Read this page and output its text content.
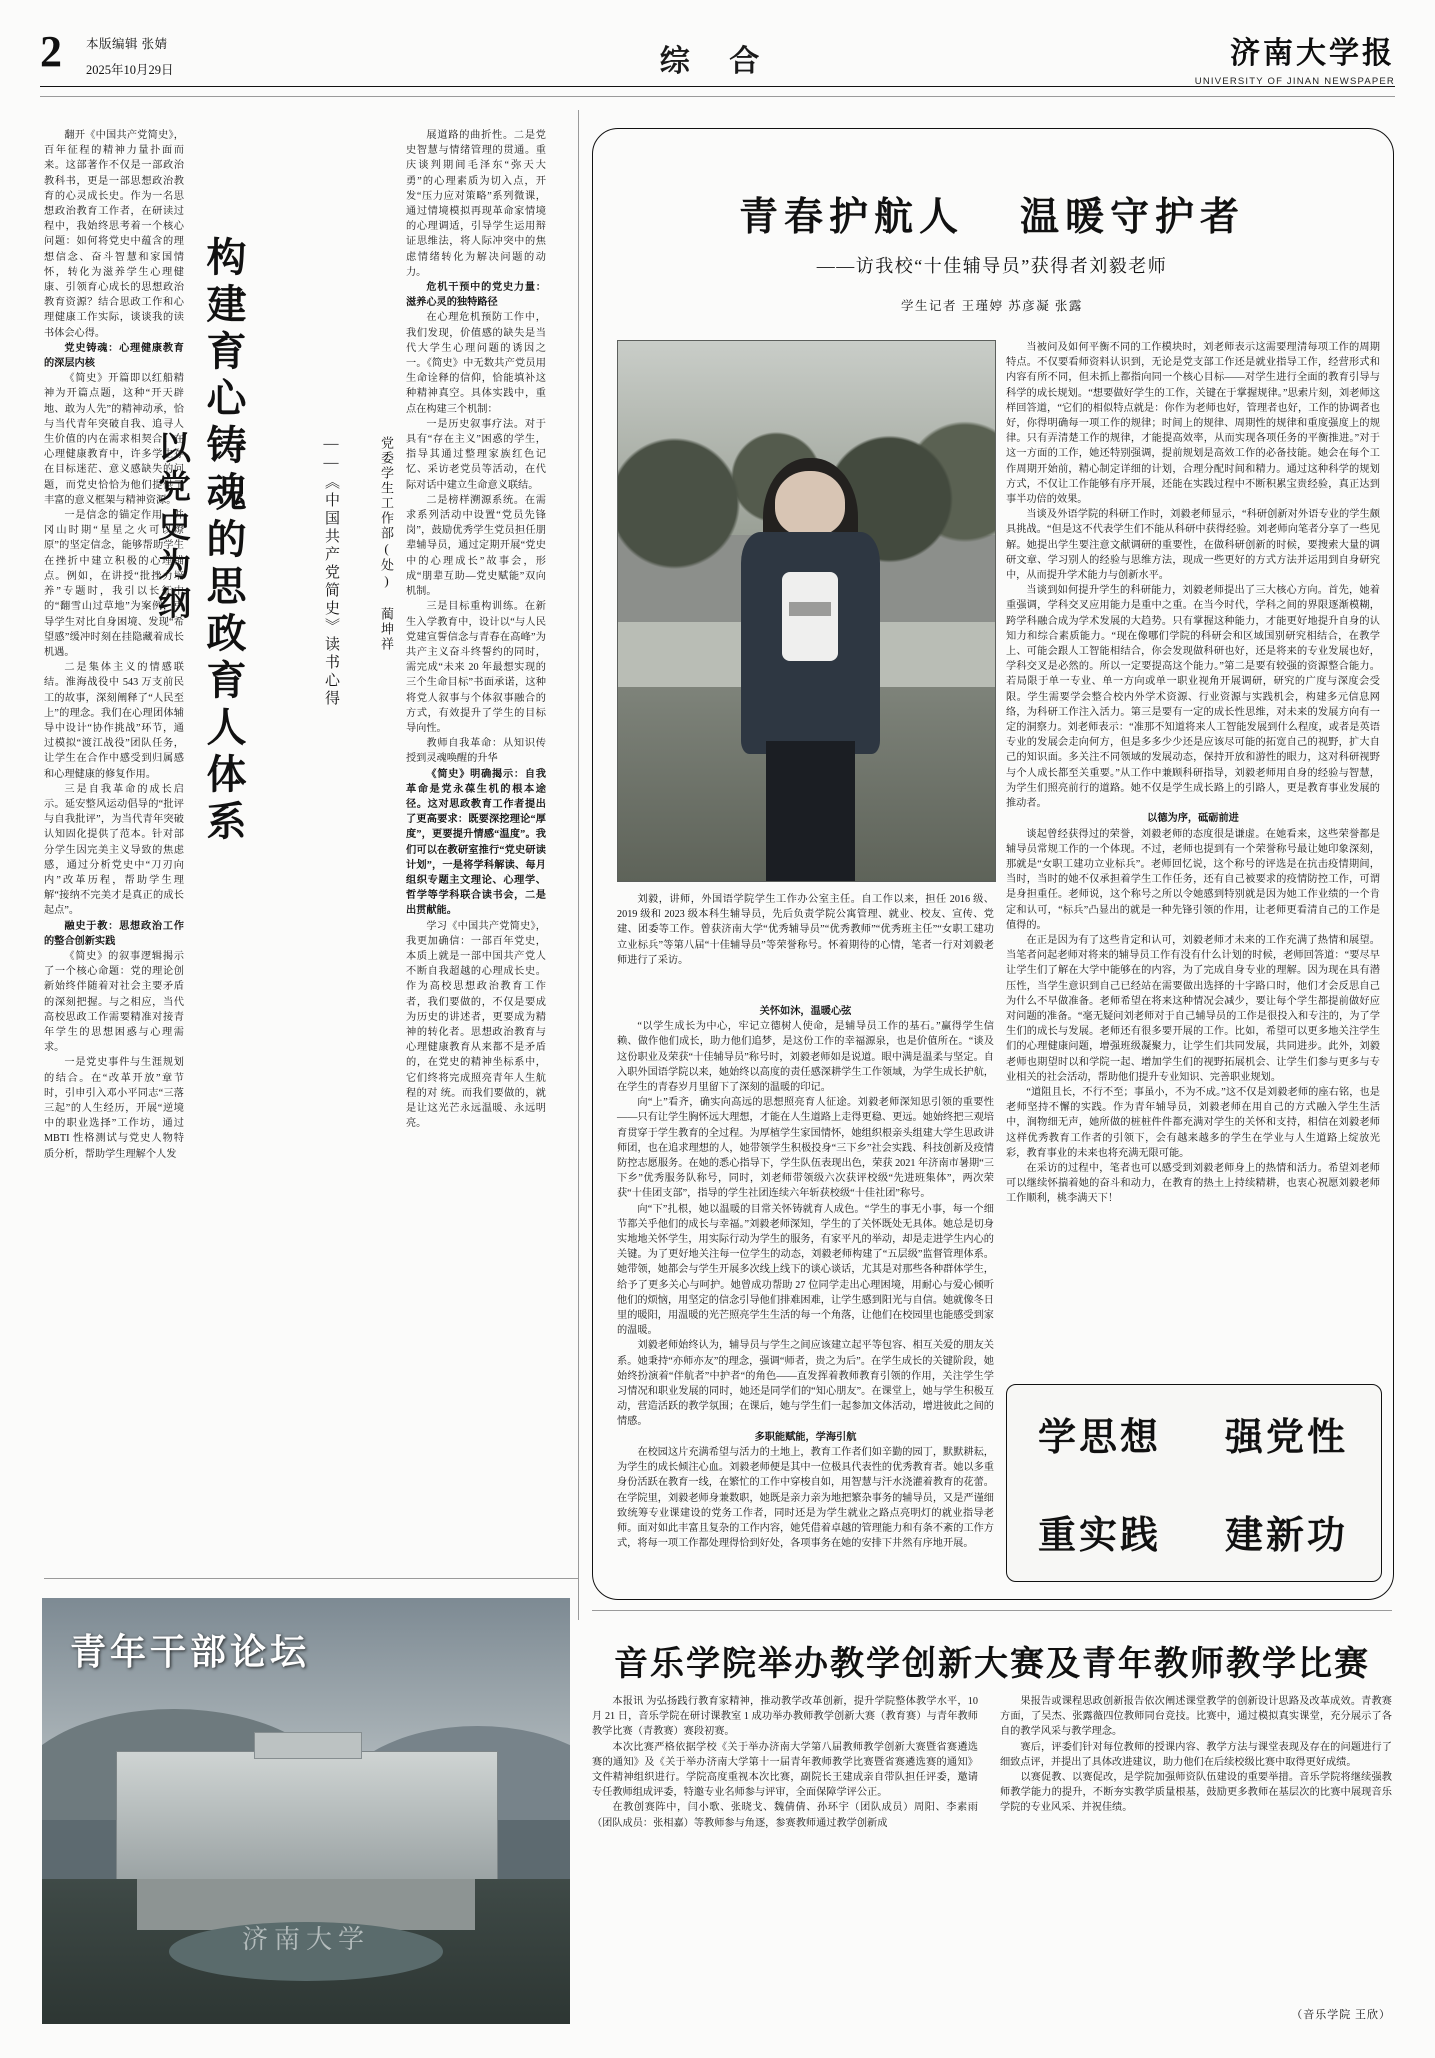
2 本版编辑 张婧
2025年10月29日	综 合	济南大学报
UNIVERSITY OF JINAN NEWSPAPER
构建育心铸魂的思政育人体系
以党史为纲	——《中国共产党简史》读书心得	党委学生工作部(处) 蔺坤祥

翻开《中国共产党简史》，百年征程的精神力量扑面而来。这部著作不仅是一部政治教科书，更是一部思想政治教育的心灵成长史。作为一名思想政治教育工作者，在研读过程中，我始终思考着一个核心问题：如何将党史中蕴含的理想信念、奋斗智慧和家国情怀，转化为滋养学生心理健康、引领育心成长的思想政治教育资源？结合思政工作和心理健康工作实际，谈谈我的读书体会心得。

党史铸魂：心理健康教育的深层内核

《简史》开篇即以红船精神为开篇点题，这种“开天辟地、敢为人先”的精神动承，恰与当代青年突破自我、追寻人生价值的内在需求相契合。在心理健康教育中，许多学生存在目标迷茫、意义感缺失的问题，而党史恰恰为他们提供了丰富的意义框架与精神资源。

一是信念的锚定作用。并冈山时期“星星之火可以燎原”的坚定信念，能够帮助学生在挫折中建立积极的心理锚点。例如，在讲授“批挫力培养”专题时，我引以长征中的“翻雪山过草地”为案例，引导学生对比自身困境、发现“希望感”缓冲时刻在挂隐藏着成长机遇。

二是集体主义的情感联结。淮海战役中 543 万支前民工的故事，深刻阐释了“人民至上”的理念。我们在心理团体辅导中设计“协作挑战”环节，通过模拟“渡江战役”团队任务，让学生在合作中感受到归属感和心理健康的修复作用。

三是自我革命的成长启示。延安整风运动倡导的“批评与自我批评”，为当代青年突破认知固化提供了范本。针对部分学生因完美主义导致的焦虑感，通过分析党史中“刀刃向内”改革历程，帮助学生理解“接纳不完美才是真正的成长起点”。

融史于教：思想政治工作的整合创新实践

《简史》的叙事逻辑揭示了一个核心命题：党的理论创新始终伴随着对社会主要矛盾的深刻把握。与之相应，当代高校思政工作需要精准对接青年学生的思想困惑与心理需求。

一是党史事件与生涯规划的结合。在“改革开放”章节时，引申引入邓小平同志“三落三起”的人生经历，开展“逆境中的职业选择”工作坊，通过 MBTI 性格测试与党史人物特质分析，帮助学生理解个人发

展道路的曲折性。二是党史智慧与情绪管理的贯通。重庆谈判期间毛泽东“弥天大勇”的心理素质为切入点，开发“压力应对策略”系列微课，通过情境模拟再现革命家情境的心理调适，引导学生运用辩证思维法，将人际冲突中的焦虑情绪转化为解决问题的动力。

危机干预中的党史力量：滋养心灵的独特路径

在心理危机预防工作中，我们发现，价值感的缺失是当代大学生心理问题的诱因之一。《简史》中无数共产党员用生命诠释的信仰，恰能填补这种精神真空。具体实践中，重点在构建三个机制：

一是历史叙事疗法。对于具有“存在主义”困惑的学生，指导其通过整理家族红色记忆、采访老党员等活动，在代际对话中建立生命意义联结。

二是榜样溯源系统。在需求系列活动中设置“党员先锋岗”，鼓励优秀学生党员担任朋辈辅导员，通过定期开展“党史中的心理成长”故事会，形成“朋辈互助—党史赋能”双向机制。

三是目标重构训练。在新生入学教育中，设计以“与人民党建宣誓信念与青春在高峰”为共产主义奋斗终誓约的同时，需完成“未来 20 年最想实现的三个生命目标”书面承诺，这种将党人叙事与个体叙事融合的方式，有效提升了学生的目标导向性。

教师自我革命：从知识传授到灵魂唤醒的升华

《简史》明确揭示：自我革命是党永葆生机的根本途径。这对思政教育工作者提出了更高要求：既要深挖理论“厚度”，更要提升情感“温度”。我们可以在教研室推行“党史研读计划”，一是将学科解读、每月组织专题主文理论、心理学、哲学等学科联合读书会，二是出贯献能。

学习《中国共产党简史》，我更加确信：一部百年党史，本质上就是一部中国共产党人不断自我超越的心理成长史。作为高校思想政治教育工作者，我们要做的，不仅是要成为历史的讲述者，更要成为精神的转化者。思想政治教育与心理健康教育从来都不是矛盾的，在党史的精神坐标系中，它们终将完成照亮青年人生航程的对 统。而我们要做的，就是让这光芒永远温暖、永远明亮。

济南大学
青年干部论坛
青春护航人 温暖守护者
——访我校“十佳辅导员”获得者刘毅老师
学生记者 王瑾婷 苏彦凝 张露
刘毅，讲师，外国语学院学生工作办公室主任。自工作以来，担任 2016 级、2019 级和 2023 级本科生辅导员，先后负责学院公寓管理、就业、校友、宣传、党建、团委等工作。曾获济南大学“优秀辅导员”“优秀教师”“优秀班主任”“女职工建功立业标兵”等第八届“十佳辅导员”等荣誉称号。怀着期待的心情，笔者一行对刘毅老师进行了采访。

关怀如沐，温暖心弦

“以学生成长为中心，牢记立德树人使命，是辅导员工作的基石。”赢得学生信赖、做作他们成长，助力他们追梦，是这份工作的幸福源泉，也是价值所在。“谈及这份职业及荣获“十佳辅导员”称号时，刘毅老师如是说道。眼中满是温柔与坚定。自入职外国语学院以来，她始终以高度的责任感深耕学生工作领域，为学生成长护航，在学生的青春岁月里留下了深刻的温暖的印记。

向“上”看齐，确实向高远的思想照亮育人征途。刘毅老师深知思引领的重要性——只有让学生胸怀远大理想，才能在人生道路上走得更稳、更远。她始终把三观培育贯穿于学生教育的全过程。为厚植学生家国情怀，她组织根亲头组建大学生思政讲师团，也在追求理想的人，她带领学生积极投身“三下乡”社会实践、科技创新及疫情防控志愿服务。在她的悉心指导下，学生队伍表现出色，荣获 2021 年济南市暑期“三下乡”优秀服务队称号，同时，刘老师带领级六次获评校级“先进班集体”，两次荣获“十佳团支部”，指导的学生社团连续六年斩获校级“十佳社团”称号。

向“下”扎根，她以温暖的目常关怀铸就育人成色。“学生的事无小事，每一个细节都关乎他们的成长与幸福。”刘毅老师深知，学生的了关怀既处无具体。她总是切身实地地关怀学生，用实际行动为学生的服务，有家平凡的举动，却是走进学生内心的关键。为了更好地关注每一位学生的动态，刘毅老师构建了“五层级”监督管理体系。她带领，她都会与学生开展多次线上线下的谈心谈话，尤其是对那些各种群体学生，给予了更多关心与呵护。她曾成功帮助 27 位同学走出心理困境，用耐心与爱心倾听他们的烦恼，用坚定的信念引导他们排难困难，让学生感到阳光与自信。她就像冬日里的暖阳，用温暖的光芒照亮学生生活的每一个角落，让他们在校园里也能感受到家的温暖。

刘毅老师始终认为，辅导员与学生之间应该建立起平等包容、相互关爱的朋友关系。她秉持“亦师亦友”的理念，强调“师者，贵之为后”。在学生成长的关键阶段，她始终扮演着“伴航者”中护者“的角色——直发挥着教师教育引领的作用，关注学生学习情况和职业发展的同时，她还是同学们的“知心朋友”。在课堂上，她与学生积极互动，营造活跃的教学氛围；在课后，她与学生们一起参加文体活动，增进彼此之间的情感。

多职能赋能，学海引航

在校园这片充满希望与活力的土地上，教育工作者们如辛勤的园丁，默默耕耘，为学生的成长倾注心血。刘毅老师便是其中一位极具代表性的优秀教育者。她以多重身份活跃在教育一线，在繁忙的工作中穿梭自如，用智慧与汗水浇灌着教育的花蕾。在学院里，刘毅老师身兼数职，她既是亲力亲为地把繁杂事务的辅导员，又是严谨细致统筹专业课建设的党务工作者，同时还是为学生就业之路点亮明灯的就业指导老师。面对如此丰富且复杂的工作内容，她凭借着卓越的管理能力和有条不紊的工作方式，将每一项工作都处理得恰到好处，各项事务在她的安排下井然有序地开展。

当被问及如何平衡不同的工作模块时，刘老师表示这需要理清每项工作的周期特点。不仅要看师资料认识到，无论是党支部工作还是就业指导工作，经营形式和内容有所不同，但未抓上都指向同一个核心目标——对学生进行全面的教育引导与科学的成长规划。“想要做好学生的工作，关键在于掌握规律。”思索片刻，刘老师这样回答道，“它们的相似特点就是：你作为老师也好，管理者也好，工作的协调者也好，你得明确每一项工作的规律；时间上的规律、周期性的规律和重度强度上的规律。只有弄清楚工作的规律，才能提高效率，从而实现各项任务的平衡推进。”对于这一方面的工作，她还特别强调，提前规划是高效工作的必备技能。她会在每个工作周期开始前，精心制定详细的计划，合理分配时间和精力。通过这种科学的规划方式，不仅让工作能够有序开展，还能在实践过程中不断积累宝贵经验，真正达到事半功倍的效果。

当谈及外语学院的科研工作时，刘毅老师显示，“科研创新对外语专业的学生颇具挑战。“但是这不代表学生们不能从科研中获得经验。刘老师向笔者分享了一些见解。她提出学生要注意文献调研的重要性，在做科研创新的时候，要搜索大量的调研文章、学习别人的经验与思维方法，现成一些更好的方式方法并运用到自身研究中，从而提升学术能力与创新水平。

当谈到如何提升学生的科研能力，刘毅老师提出了三大核心方向。首先，她着重强调，学科交叉应用能力是重中之重。在当今时代，学科之间的界限逐渐模糊，跨学科融合成为学术发展的大趋势。只有掌握这种能力，才能更好地提升自身的认知力和综合素质能力。“现在像哪们学院的科研会和区域国别研究相结合，在教学上、可能会跟人工智能相结合，你会发现做科研也好，还是将来的专业发展也好，学科交叉是必然的。所以一定要提高这个能力。”第二是要有较强的资源整合能力。若局限于单一专业、单一方向或单一职业视角开展调研，研究的广度与深度会受限。学生需要学会整合校内外学术资源、行业资源与实践机会，构建多元信息网络，为科研工作注入活力。第三是要有一定的成长性思维，对未来的发展方向有一定的洞察力。刘老师表示：“准那不知道将来人工智能发展到什么程度，或者是英语专业的发展会走向何方，但是多多少少还是应该尽可能的拓宽自己的视野，扩大自己的知识面。多关注不同领域的发展动态，保持开放和游性的眼力，这对科研视野与个人成长都至关重要。”从工作中兼顾科研指导，刘毅老师用自身的经验与智慧，为学生们照亮前行的道路。她不仅是学生成长路上的引路人，更是教育事业发展的推动者。

以德为序，砥砺前进

谈起曾经获得过的荣誉，刘毅老师的态度很是谦虚。在她看来，这些荣誉都是辅导员常规工作的一个体现。不过，老师也提到有一个荣誉称号最让她印象深刻，那就是“女职工建功立业标兵”。老师回忆说，这个称号的评选是在抗击疫情期间，当时，当时的她不仅承担着学生工作任务，还有自己被要求的疫情防控工作，可谓是身担重任。老师说，这个称号之所以令她感到特别就是因为她工作业绩的一个肯定和认可，“标兵”凸显出的就是一种先锋引领的作用，让老师更看清自己的工作是值得的。

在正是因为有了这些肯定和认可，刘毅老师才未来的工作充满了热情和展望。当笔者问起老师对将来的辅导员工作有没有什么计划的时候，老师回答道：“要尽早让学生们了解在大学中能够在的内容，为了完成自身专业的理解。因为现在具有潜压性，当学生意识到自己已经站在需要做出选择的十字路口时，他们才会反思自己为什么不早做准备。老师希望在将来这种情况会减少，要让每个学生都提前做好应对问题的准备。“毫无疑问刘老师对于自己辅导员的工作是很投入和专注的，为了学生们的成长与发展。老师还有很多要开展的工作。比如，希望可以更多地关注学生们的心理健康问题，增强班级凝聚力，让学生们共同发展，共同进步。此外，刘毅老师也期望时以和学院一起、增加学生们的视野拓展机会、让学生们参与更多与专业相关的社会活动，帮助他们提升专业知识、完善职业规划。

“道阻且长，不行不至；事虽小，不为不成。”这不仅是刘毅老师的座右铭，也是老师坚持不懈的实践。作为青年辅导员，刘毅老师在用自己的方式融入学生生活中，润物细无声，她所做的桩桩件件都充满对学生的关怀和支持，相信在刘毅老师这样优秀教育工作者的引领下，会有越来越多的学生在学业与人生道路上绽放光彩，教育事业的未来也将充满无限可能。

在采访的过程中，笔者也可以感受到刘毅老师身上的热情和活力。希望刘老师可以继续怀揣着她的奋斗和动力，在教育的热土上持续精耕，也衷心祝愿刘毅老师工作顺利，桃李满天下！

学思想 强党性
重实践 建新功
音乐学院举办教学创新大赛及青年教师教学比赛

本报讯 为弘扬践行教育家精神，推动教学改革创新，提升学院整体教学水平，10 月 21 日，音乐学院在研讨课教室 1 成功举办教师教学创新大赛（教育赛）与青年教师教学比赛（青教赛）赛段初赛。

本次比赛严格依据学校《关于举办济南大学第八届教师教学创新大赛暨省赛遴选赛的通知》及《关于举办济南大学第十一届青年教师教学比赛暨省赛遴选赛的通知》文件精神组织进行。学院高度重视本次比赛，副院长王建成亲自带队担任评委，邀请专任教师组成评委，特邀专业名师参与评审，全面保障学评公正。

在教创赛阵中，闫小歌、张晓戈、魏倩倩、孙环宇（团队成员）周阳、李素雨（团队成员：张相嘉）等教师参与角逐，参赛教师通过教学创新成

果报告或课程思政创新报告依次阐述课堂教学的创新设计思路及改革成效。青教赛方面，了吴杰、张露薇四位教师同台竞技。比赛中，通过模拟真实课堂，充分展示了各自的教学风采与教学理念。

赛后，评委们针对每位教师的授课内容、教学方法与课堂表现及存在的问题进行了细致点评，并提出了具体改进建议，助力他们在后续校级比赛中取得更好成绩。

以赛促教、以赛促改，是学院加强师资队伍建设的重要举措。音乐学院将继续强教师教学能力的提升，不断夯实教学质量根基，鼓励更多教师在基层次的比赛中展现音乐学院的专业风采、并祝佳绩。

（音乐学院 王欣）
